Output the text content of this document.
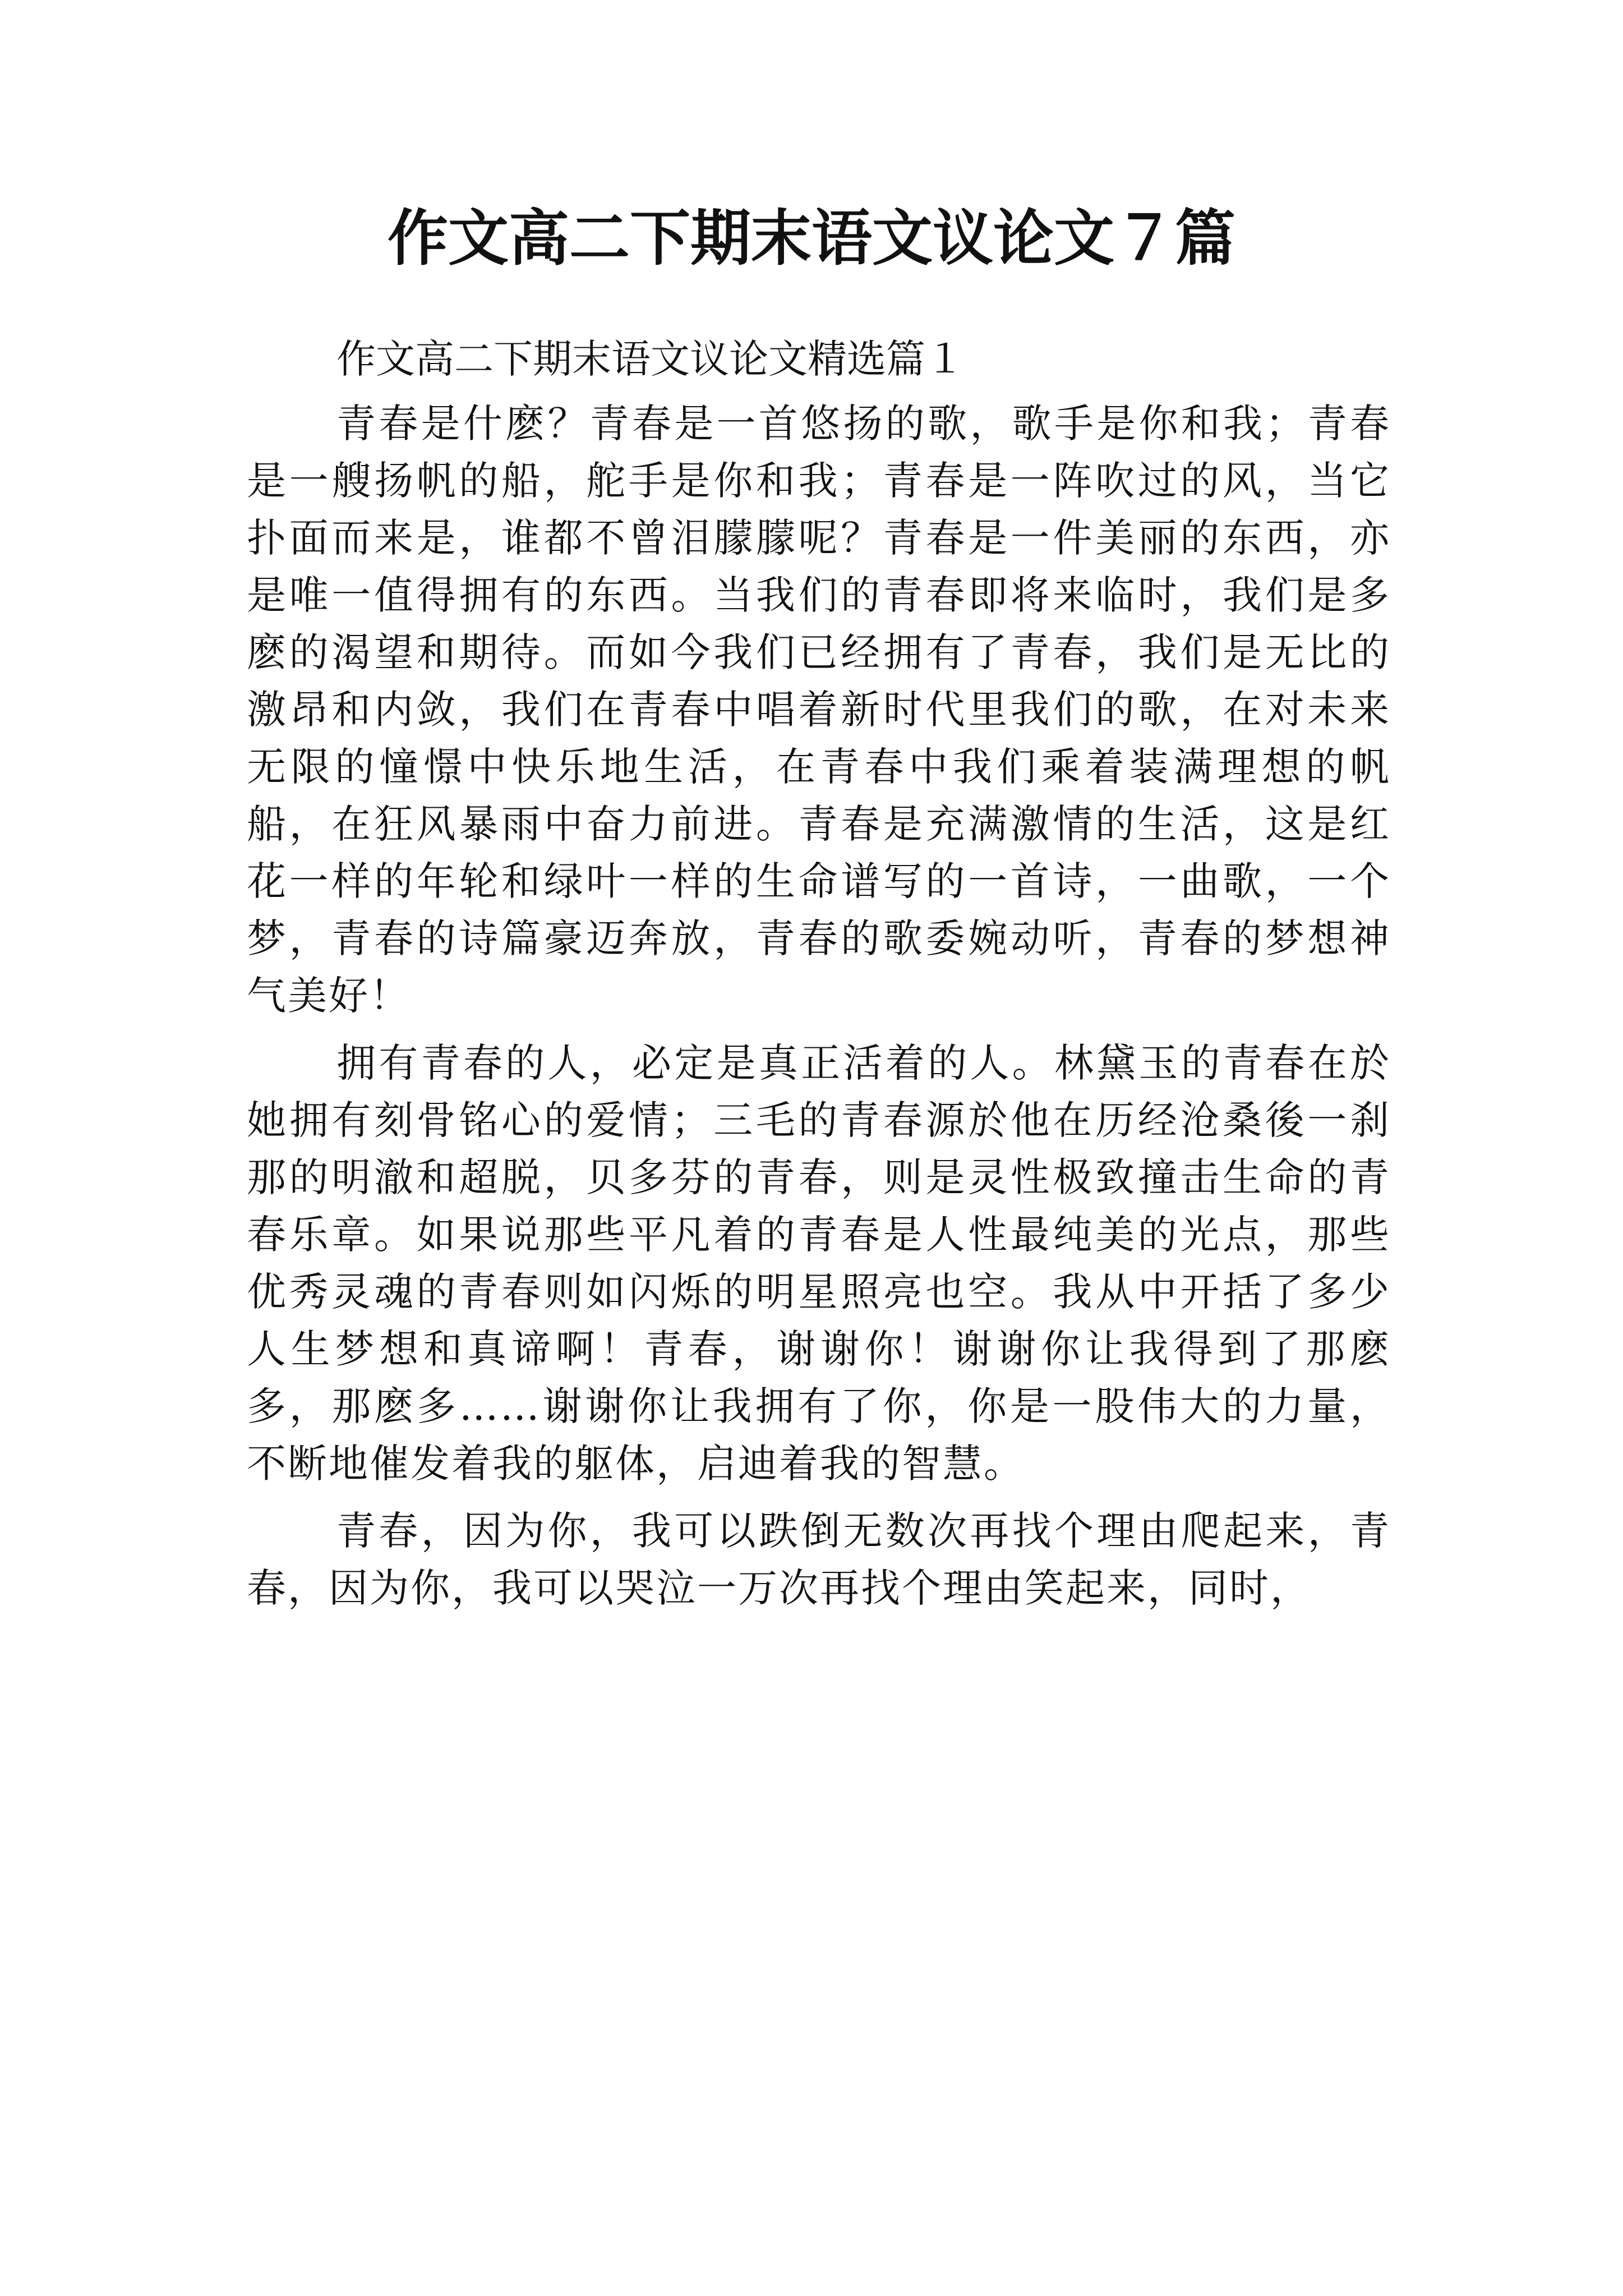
作文高二下期末语文议论文７篇
作文高二下期末语文议论文精选篇１

青春是什麽？青春是一首悠扬的歌，歌手是你和我；青春是一艘扬帆的船，舵手是你和我；青春是一阵吹过的风，当它扑面而来是，谁都不曾泪朦朦呢？青春是一件美丽的东西，亦是唯一值得拥有的东西。当我们的青春即将来临时，我们是多麽的渴望和期待。而如今我们已经拥有了青春，我们是无比的激昂和内敛，我们在青春中唱着新时代里我们的歌，在对未来无限的憧憬中快乐地生活，在青春中我们乘着装满理想的帆船，在狂风暴雨中奋力前进。青春是充满激情的生活，这是红花一样的年轮和绿叶一样的生命谱写的一首诗，一曲歌，一个梦，青春的诗篇豪迈奔放，青春的歌委婉动听，青春的梦想神气美好！

拥有青春的人，必定是真正活着的人。林黛玉的青春在於她拥有刻骨铭心的爱情；三毛的青春源於他在历经沧桑後一刹那的明澈和超脱，贝多芬的青春，则是灵性极致撞击生命的青春乐章。如果说那些平凡着的青春是人性最纯美的光点，那些优秀灵魂的青春则如闪烁的明星照亮也空。我从中开括了多少人生梦想和真谛啊！青春，谢谢你！谢谢你让我得到了那麽多，那麽多……谢谢你让我拥有了你，你是一股伟大的力量，不断地催发着我的躯体，启迪着我的智慧。

青春，因为你，我可以跌倒无数次再找个理由爬起来，青春，因为你，我可以哭泣一万次再找个理由笑起来，同时，
